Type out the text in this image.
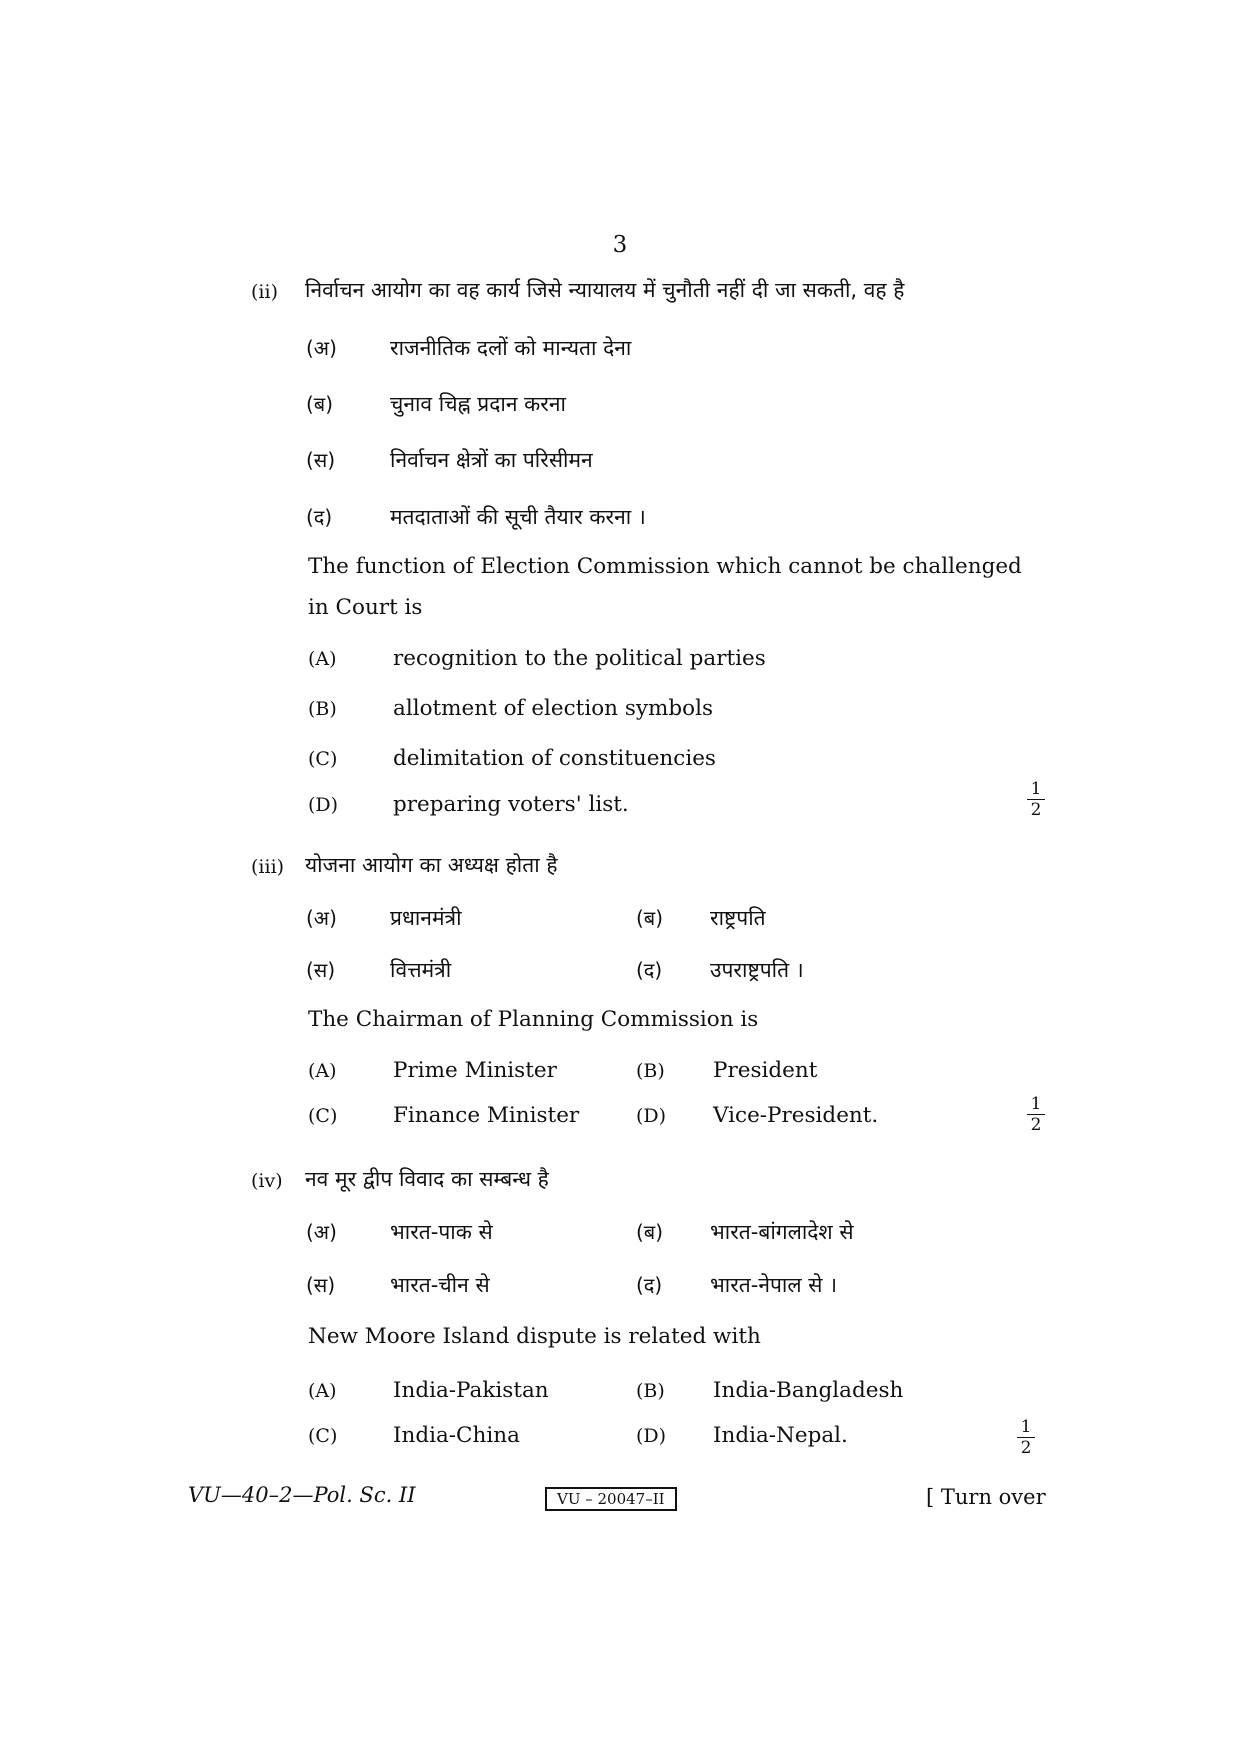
3
(ii) निर्वाचन आयोग का वह कार्य जिसे न्यायालय में चुनौती नहीं दी जा सकती, वह है
(अ)	राजनीतिक दलों को मान्यता देना
(ब)	चुनाव चिह्न प्रदान करना
(स)	निर्वाचन क्षेत्रों का परिसीमन
(द)	मतदाताओं की सूची तैयार करना ।
The function of Election Commission which cannot be challenged
in Court is
(A)	recognition to the political parties
(B)	allotment of election symbols
(C)	delimitation of constituencies
(D)	preparing voters' list.
1
2
(iii) योजना आयोग का अध्यक्ष होता है
(अ)	प्रधानमंत्री	(ब) राष्ट्रपति
(स)	वित्तमंत्री	(द) उपराष्ट्रपति ।
The Chairman of Planning Commission is
(A)	Prime Minister	(B) President
(C)	Finance Minister	(D) Vice-President.	1
2
(iv) नव मूर द्वीप विवाद का सम्बन्ध है
(अ)	भारत-पाक से	(ब) भारत-बांगलादेश से
(स)	भारत-चीन से	(द) भारत-नेपाल से ।
New Moore Island dispute is related with
(A)	India-Pakistan	(B) India-Bangladesh
(C)	India-China	(D) India-Nepal.	1
2
VU—40–2—Pol. Sc. II	VU – 20047–II	[ Turn over
